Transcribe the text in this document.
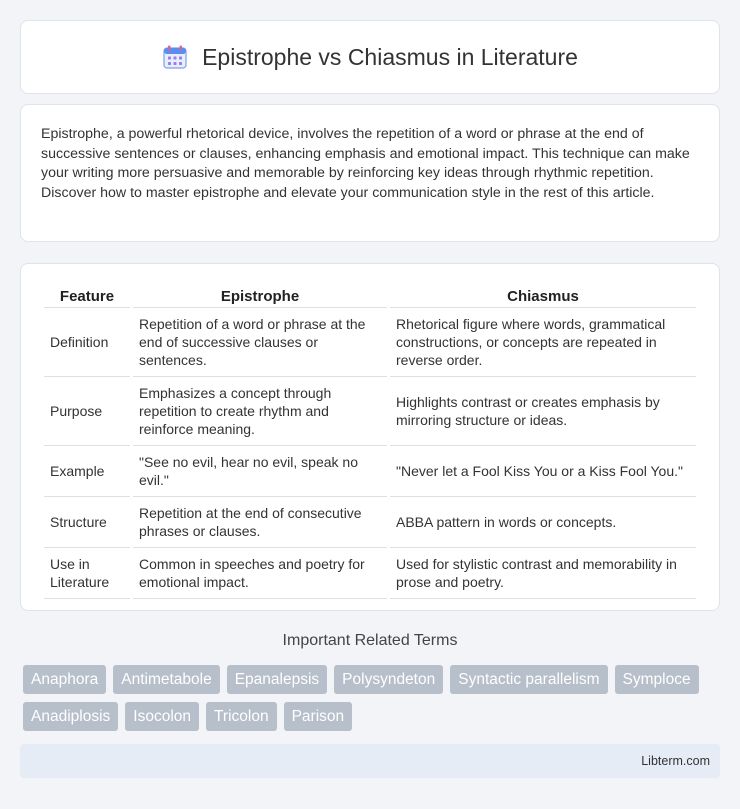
Epistrophe vs Chiasmus in Literature

Epistrophe, a powerful rhetorical device, involves the repetition of a word or phrase at the end of successive sentences or clauses, enhancing emphasis and emotional impact. This technique can make your writing more persuasive and memorable by reinforcing key ideas through rhythmic repetition. Discover how to master epistrophe and elevate your communication style in the rest of this article.

Feature	Epistrophe	Chiasmus
Definition	Repetition of a word or phrase at the end of successive clauses or sentences.	Rhetorical figure where words, grammatical constructions, or concepts are repeated in reverse order.
Purpose	Emphasizes a concept through repetition to create rhythm and reinforce meaning.	Highlights contrast or creates emphasis by mirroring structure or ideas.
Example	"See no evil, hear no evil, speak no evil."	"Never let a Fool Kiss You or a Kiss Fool You."
Structure	Repetition at the end of consecutive phrases or clauses.	ABBA pattern in words or concepts.
Use in Literature	Common in speeches and poetry for emotional impact.	Used for stylistic contrast and memorability in prose and poetry.
Important Related Terms
Anaphora	Antimetabole	Epanalepsis	Polysyndeton	Syntactic parallelism	Symploce
Anadiplosis	Isocolon	Tricolon	Parison
Libterm.com
